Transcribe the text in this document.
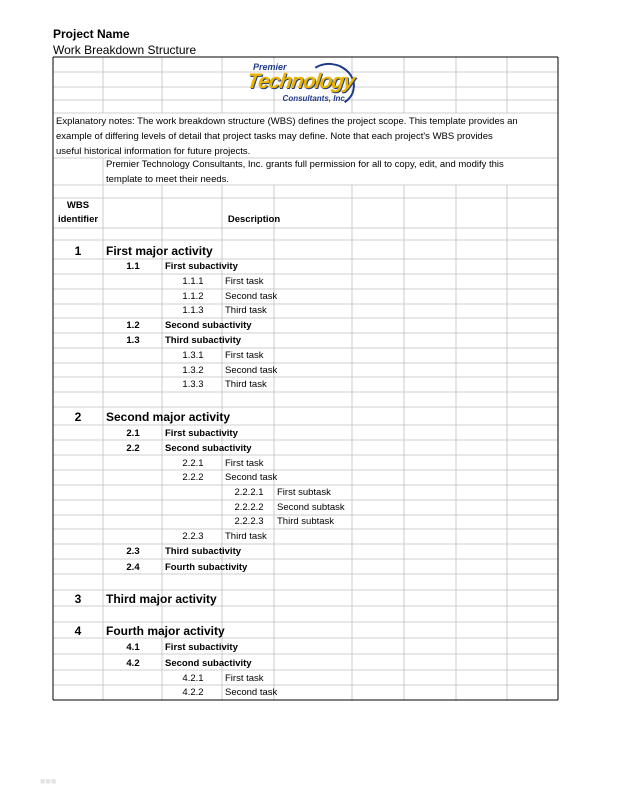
Project Name
Work Breakdown Structure
Premier
Technology
Consultants, Inc.
Explanatory notes: The work breakdown structure (WBS) defines the project scope. This template provides an
example of differing levels of detail that project tasks may define. Note that each project's WBS provides
useful historical information for future projects.
Premier Technology Consultants, Inc. grants full permission for all to copy, edit, and modify this
template to meet their needs.
WBS
identifier	Description
1 First major activity
1.1	First subactivity
1.1.1 First task
1.1.2 Second task
1.1.3 Third task
1.2	Second subactivity
1.3	Third subactivity
1.3.1 First task
1.3.2 Second task
1.3.3 Third task
2 Second major activity
2.1	First subactivity
2.2	Second subactivity
2.2.1 First task
2.2.2 Second task
2.2.2.1 First subtask
2.2.2.2 Second subtask
2.2.2.3 Third subtask
2.2.3 Third task
2.3	Third subactivity
2.4	Fourth subactivity
3 Third major activity
4 Fourth major activity
4.1	First subactivity
4.2	Second subactivity
4.2.1 First task
4.2.2 Second task
■■■
